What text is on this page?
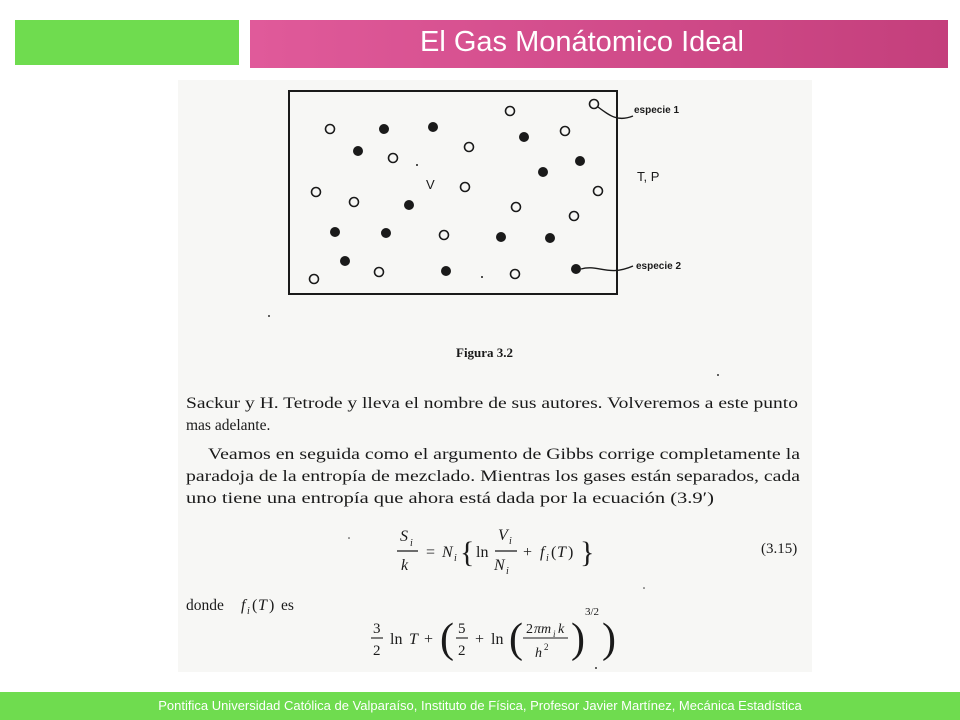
El Gas Monátomico Ideal
especie 1
especie 2
V
T, P
Figura 3.2
Sackur y H. Tetrode y lleva el nombre de sus autores. Volveremos a este punto
mas adelante.
Veamos en seguida como el argumento de Gibbs corrige completamente la
paradoja de la entropía de mezclado. Mientras los gases están separados, cada
uno tiene una entropía que ahora está dada por la ecuación (3.9′)
S i
k
= N i { ln
V i
N i
+ f i ( T ) }	(3.15)
donde f i ( T ) es
3
2
ln T + ( 5
2
+ ln ( 2 πm i k
h 2 )
3/2
)
Pontifica Universidad Católica de Valparaíso, Instituto de Física, Profesor Javier Martínez, Mecánica Estadística
